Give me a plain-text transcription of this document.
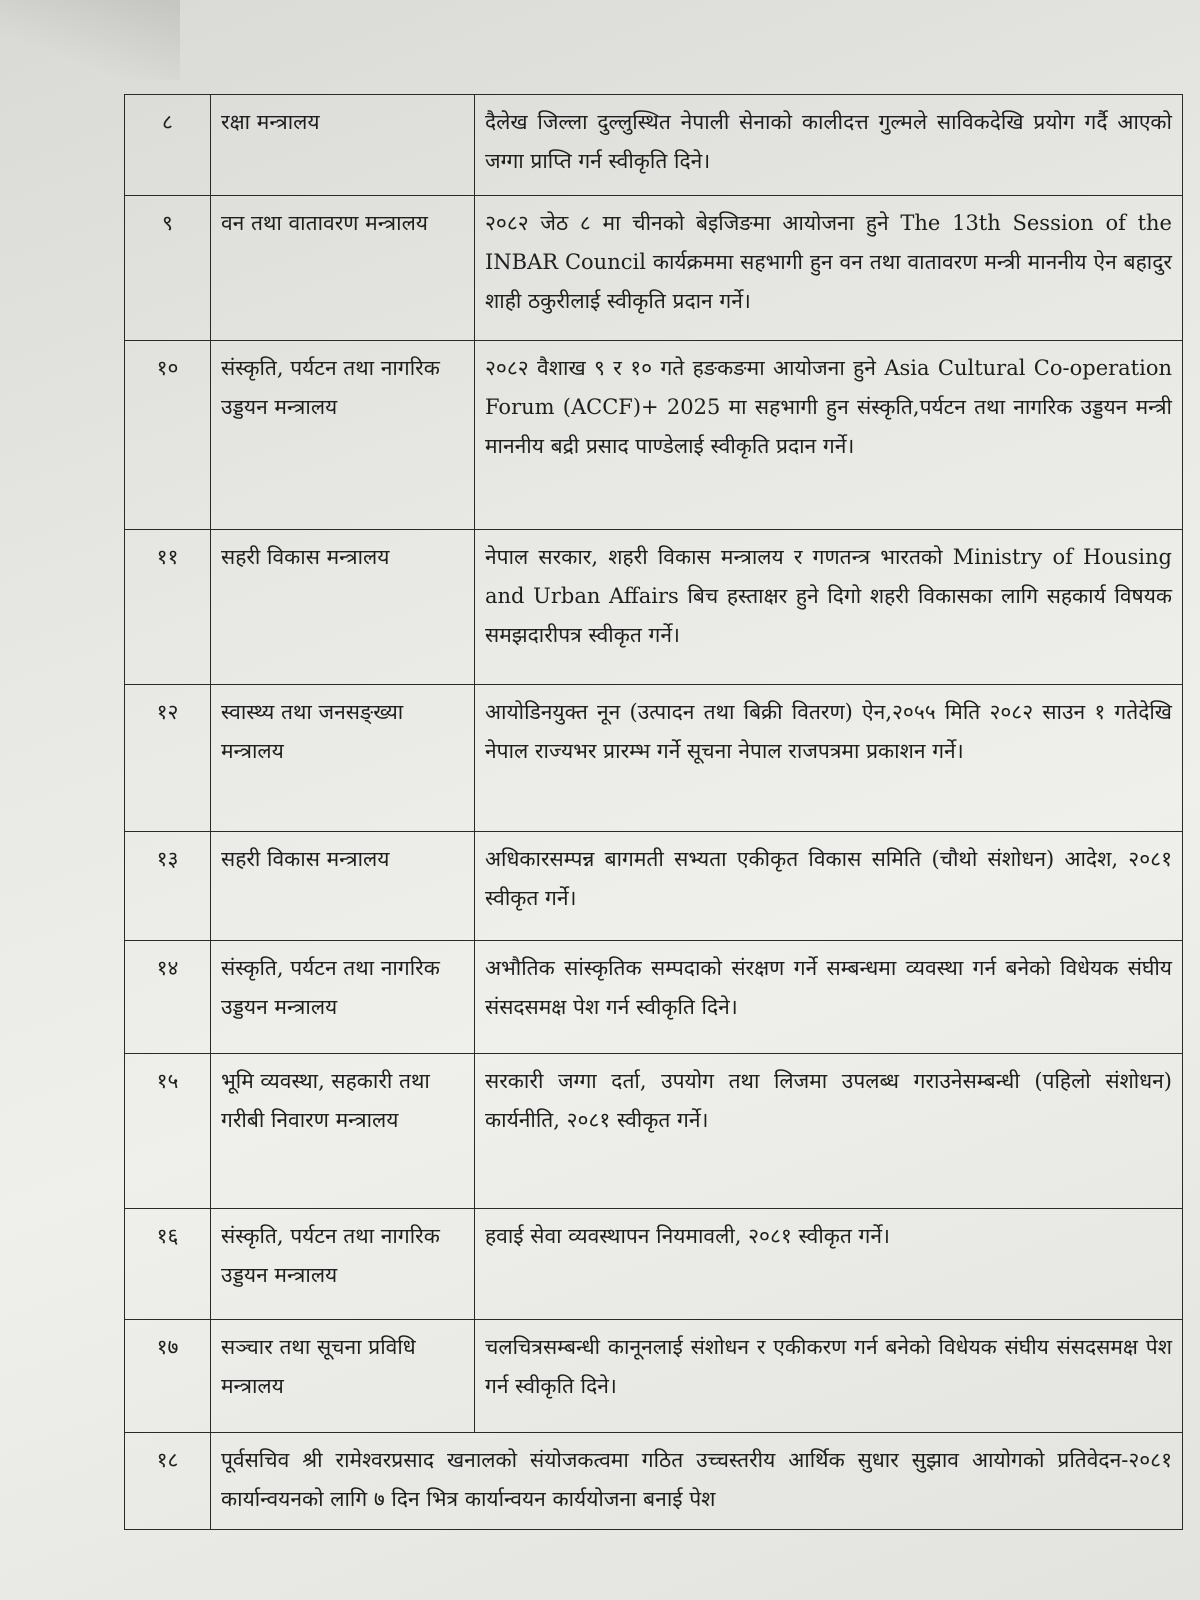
८	रक्षा मन्त्रालय	दैलेख जिल्ला दुल्लुस्थित नेपाली सेनाको कालीदत्त गुल्मले साविकदेखि प्रयोग गर्दै आएको जग्गा प्राप्ति गर्न स्वीकृति दिने।
९	वन तथा वातावरण मन्त्रालय	२०८२ जेठ ८ मा चीनको बेइजिङमा आयोजना हुने The 13th Session of the INBAR Council कार्यक्रममा सहभागी हुन वन तथा वातावरण मन्त्री माननीय ऐन बहादुर शाही ठकुरीलाई स्वीकृति प्रदान गर्ने।
१०	संस्कृति, पर्यटन तथा नागरिक उड्डयन मन्त्रालय	२०८२ वैशाख ९ र १० गते हङकङमा आयोजना हुने Asia Cultural Co-operation Forum (ACCF)+ 2025 मा सहभागी हुन संस्कृति,पर्यटन तथा नागरिक उड्डयन मन्त्री माननीय बद्री प्रसाद पाण्डेलाई स्वीकृति प्रदान गर्ने।
११	सहरी विकास मन्त्रालय	नेपाल सरकार, शहरी विकास मन्त्रालय र गणतन्त्र भारतको Ministry of Housing and Urban Affairs बिच हस्ताक्षर हुने दिगो शहरी विकासका लागि सहकार्य विषयक समझदारीपत्र स्वीकृत गर्ने।
१२	स्वास्थ्य तथा जनसङ्ख्या मन्त्रालय	आयोडिनयुक्त नून (उत्पादन तथा बिक्री वितरण) ऐन,२०५५ मिति २०८२ साउन १ गतेदेखि नेपाल राज्यभर प्रारम्भ गर्ने सूचना नेपाल राजपत्रमा प्रकाशन गर्ने।
१३	सहरी विकास मन्त्रालय	अधिकारसम्पन्न बागमती सभ्यता एकीकृत विकास समिति (चौथो संशोधन) आदेश, २०८१ स्वीकृत गर्ने।
१४	संस्कृति, पर्यटन तथा नागरिक उड्डयन मन्त्रालय	अभौतिक सांस्कृतिक सम्पदाको संरक्षण गर्ने सम्बन्धमा व्यवस्था गर्न बनेको विधेयक संघीय संसदसमक्ष पेश गर्न स्वीकृति दिने।
१५	भूमि व्यवस्था, सहकारी तथा गरीबी निवारण मन्त्रालय	सरकारी जग्गा दर्ता, उपयोग तथा लिजमा उपलब्ध गराउनेसम्बन्धी (पहिलो संशोधन) कार्यनीति, २०८१ स्वीकृत गर्ने।
१६	संस्कृति, पर्यटन तथा नागरिक उड्डयन मन्त्रालय	हवाई सेवा व्यवस्थापन नियमावली, २०८१ स्वीकृत गर्ने।
१७	सञ्चार तथा सूचना प्रविधि मन्त्रालय	चलचित्रसम्बन्धी कानूनलाई संशोधन र एकीकरण गर्न बनेको विधेयक संघीय संसदसमक्ष पेश गर्न स्वीकृति दिने।
१८	पूर्वसचिव श्री रामेश्वरप्रसाद खनालको संयोजकत्वमा गठित उच्चस्तरीय आर्थिक सुधार सुझाव आयोगको प्रतिवेदन-२०८१ कार्यान्वयनको लागि ७ दिन भित्र कार्यान्वयन कार्ययोजना बनाई पेश	
